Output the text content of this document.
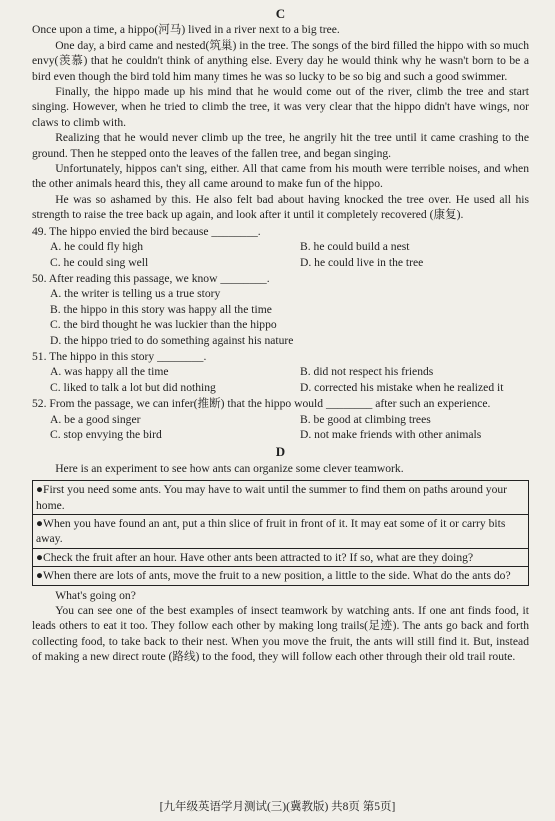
C

Once upon a time, a hippo(河马) lived in a river next to a big tree.

One day, a bird came and nested(筑巢) in the tree. The songs of the bird filled the hippo with so much envy(羡慕) that he couldn't think of anything else. Every day he would think why he wasn't born to be a bird even though the bird told him many times he was so lucky to be so big and such a good swimmer.

Finally, the hippo made up his mind that he would come out of the river, climb the tree and start singing. However, when he tried to climb the tree, it was very clear that the hippo didn't have wings, nor claws to climb with.

Realizing that he would never climb up the tree, he angrily hit the tree until it came crashing to the ground. Then he stepped onto the leaves of the fallen tree, and began singing.

Unfortunately, hippos can't sing, either. All that came from his mouth were terrible noises, and when the other animals heard this, they all came around to make fun of the hippo.

He was so ashamed by this. He also felt bad about having knocked the tree over. He used all his strength to raise the tree back up again, and look after it until it completely recovered (康复).

49. The hippo envied the bird because ________.

A. he could fly high	B. he could build a nest
C. he could sing well	D. he could live in the tree

50. After reading this passage, we know ________.

A. the writer is telling us a true story
B. the hippo in this story was happy all the time
C. the bird thought he was luckier than the hippo
D. the hippo tried to do something against his nature

51. The hippo in this story ________.

A. was happy all the time	B. did not respect his friends
C. liked to talk a lot but did nothing	D. corrected his mistake when he realized it

52. From the passage, we can infer(推断) that the hippo would ________ after such an experience.

A. be a good singer	B. be good at climbing trees
C. stop envying the bird	D. not make friends with other animals
D

Here is an experiment to see how ants can organize some clever teamwork.

●First you need some ants. You may have to wait until the summer to find them on paths around your home.
●When you have found an ant, put a thin slice of fruit in front of it. It may eat some of it or carry bits away.
●Check the fruit after an hour. Have other ants been attracted to it? If so, what are they doing?
●When there are lots of ants, move the fruit to a new position, a little to the side. What do the ants do?

What's going on?

You can see one of the best examples of insect teamwork by watching ants. If one ant finds food, it leads others to eat it too. They follow each other by making long trails(足迹). The ants go back and forth collecting food, to take back to their nest. When you move the fruit, the ants will still find it. But, instead of making a new direct route (路线) to the food, they will follow each other through their old trail route.

[九年级英语学月测试(三)(冀教版) 共8页 第5页]
